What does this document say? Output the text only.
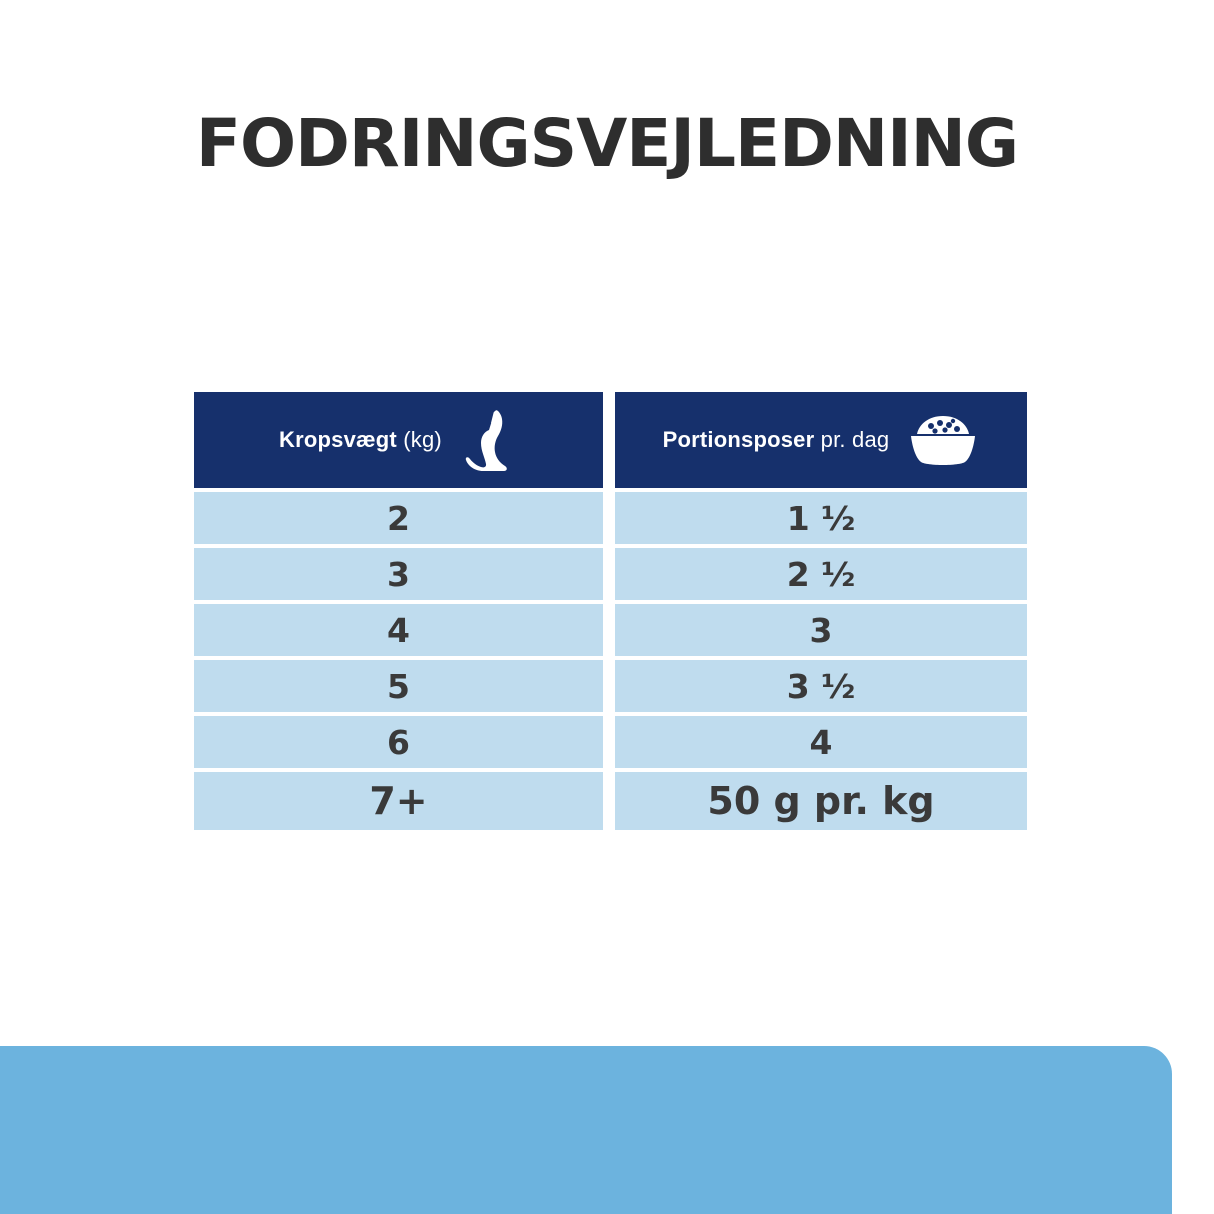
FODRINGSVEJLEDNING
Kropsvægt (kg)	Portionsposer pr. dag
2	1 ½
3	2 ½
4	3
5	3 ½
6	4
7+	50 g pr. kg
